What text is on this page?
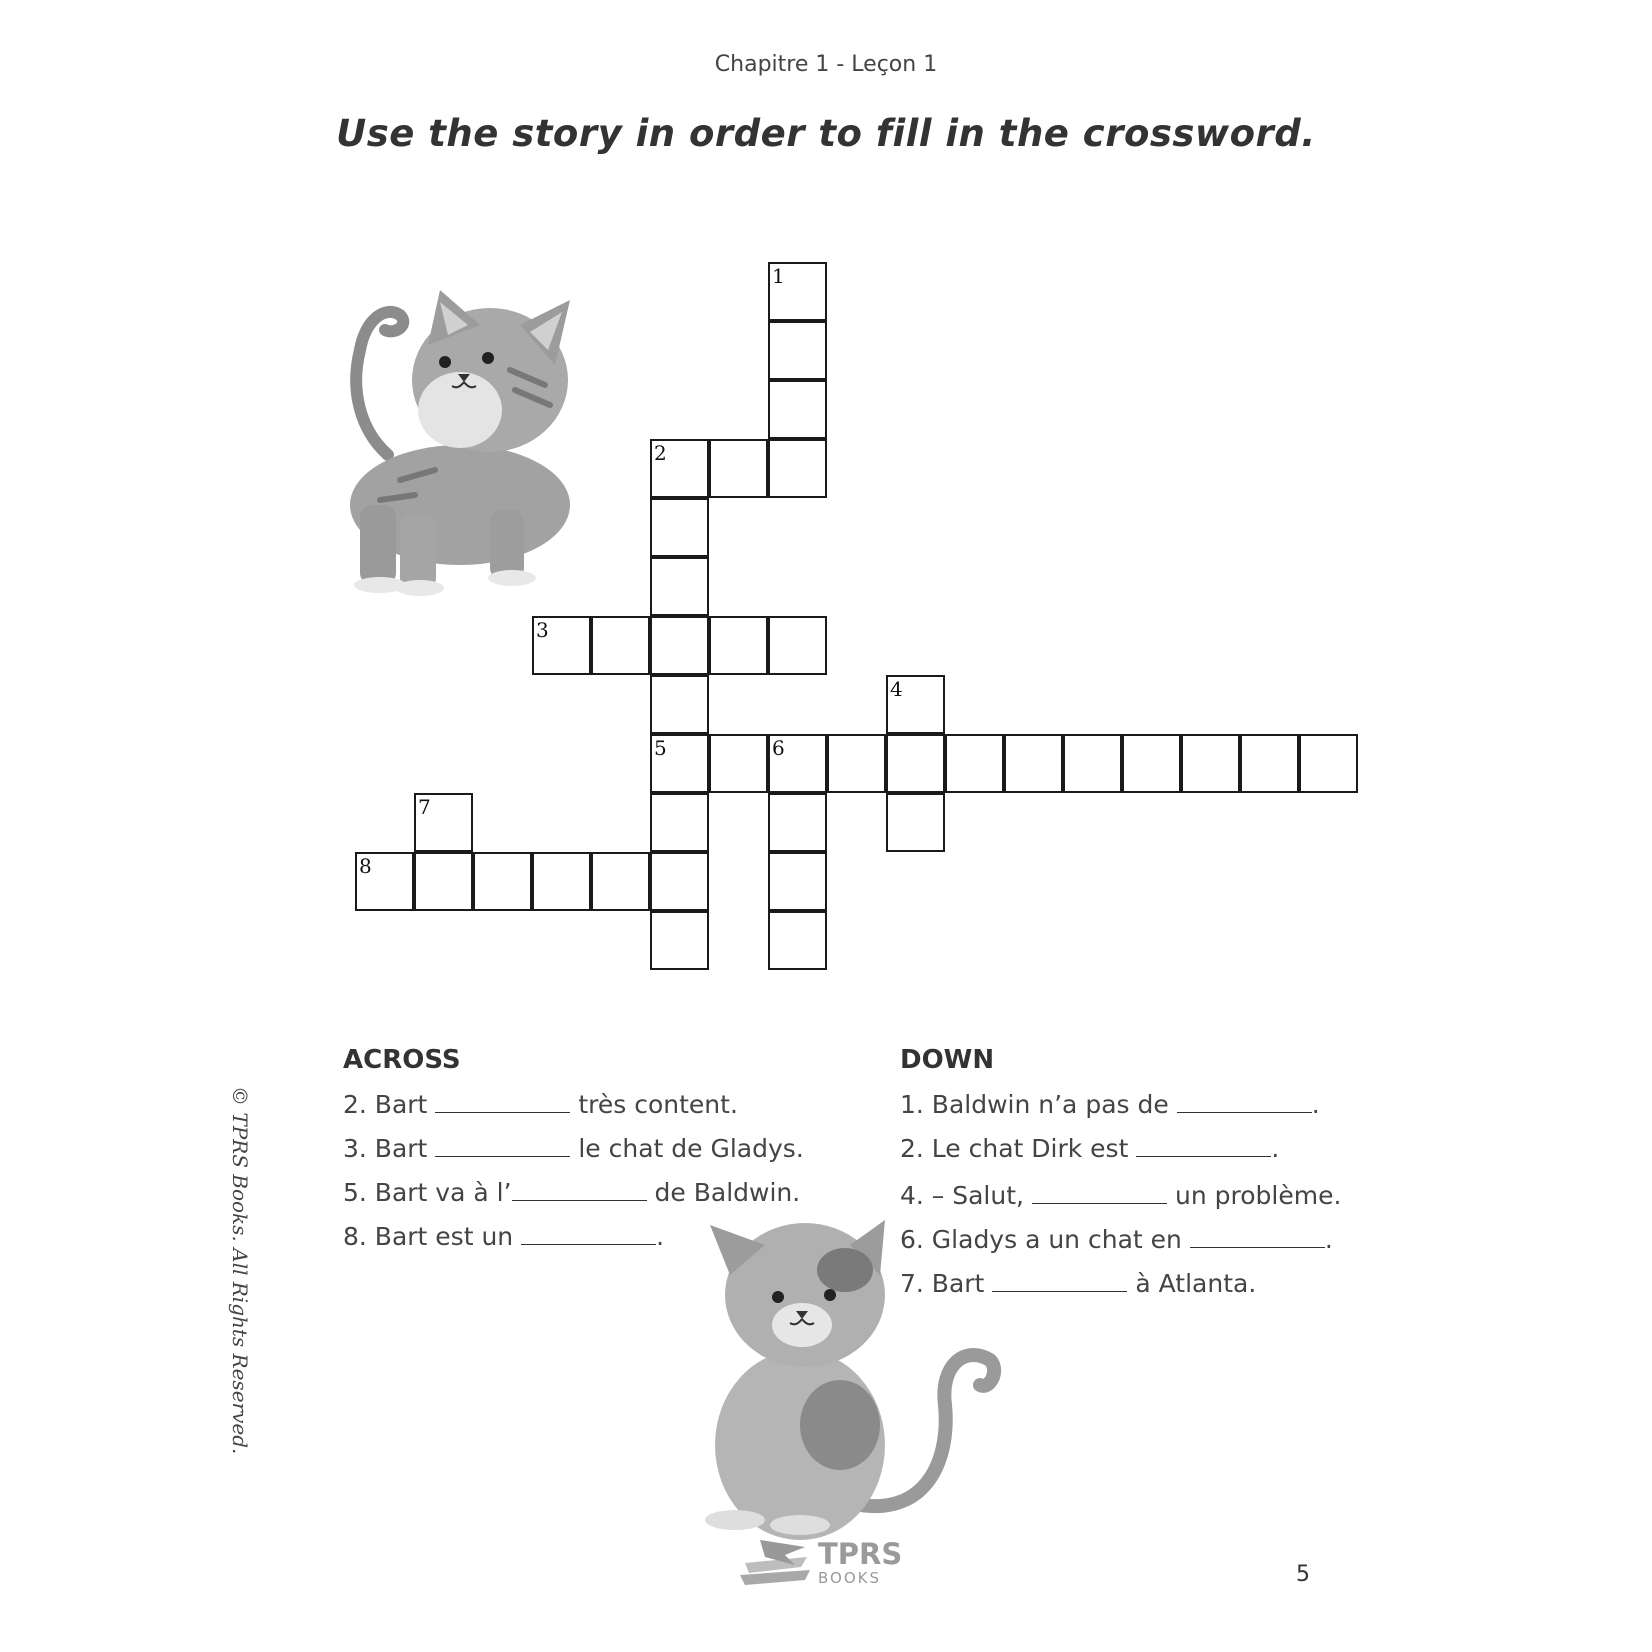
Chapitre 1 - Leçon 1
Use the story in order to fill in the crossword.
1
2
3
4
5	6
7
8
ACROSS	DOWN
2. Bart	très content.
3. Bart	le chat de Gladys.
5. Bart va à l’	de Baldwin.
8. Bart est un	.
1. Baldwin n’a pas de	.
2. Le chat Dirk est	.
4. – Salut,	un problème.
6. Gladys a un chat en	.
7. Bart	à Atlanta.
© TPRS Books. All Rights Reserved.
TPRS
BOOKS	5
